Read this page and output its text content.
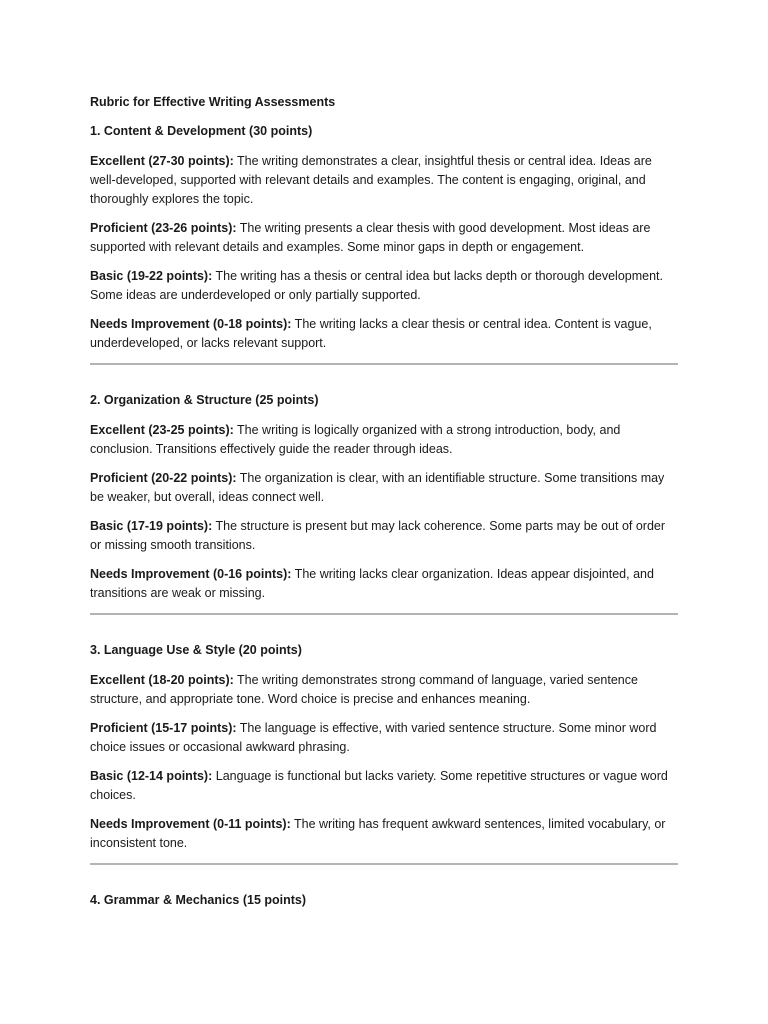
Rubric for Effective Writing Assessments
1. Content & Development (30 points)
Excellent (27-30 points): The writing demonstrates a clear, insightful thesis or central idea. Ideas are well-developed, supported with relevant details and examples. The content is engaging, original, and thoroughly explores the topic.
Proficient (23-26 points): The writing presents a clear thesis with good development. Most ideas are supported with relevant details and examples. Some minor gaps in depth or engagement.
Basic (19-22 points): The writing has a thesis or central idea but lacks depth or thorough development. Some ideas are underdeveloped or only partially supported.
Needs Improvement (0-18 points): The writing lacks a clear thesis or central idea. Content is vague, underdeveloped, or lacks relevant support.
2. Organization & Structure (25 points)
Excellent (23-25 points): The writing is logically organized with a strong introduction, body, and conclusion. Transitions effectively guide the reader through ideas.
Proficient (20-22 points): The organization is clear, with an identifiable structure. Some transitions may be weaker, but overall, ideas connect well.
Basic (17-19 points): The structure is present but may lack coherence. Some parts may be out of order or missing smooth transitions.
Needs Improvement (0-16 points): The writing lacks clear organization. Ideas appear disjointed, and transitions are weak or missing.
3. Language Use & Style (20 points)
Excellent (18-20 points): The writing demonstrates strong command of language, varied sentence structure, and appropriate tone. Word choice is precise and enhances meaning.
Proficient (15-17 points): The language is effective, with varied sentence structure. Some minor word choice issues or occasional awkward phrasing.
Basic (12-14 points): Language is functional but lacks variety. Some repetitive structures or vague word choices.
Needs Improvement (0-11 points): The writing has frequent awkward sentences, limited vocabulary, or inconsistent tone.
4. Grammar & Mechanics (15 points)
